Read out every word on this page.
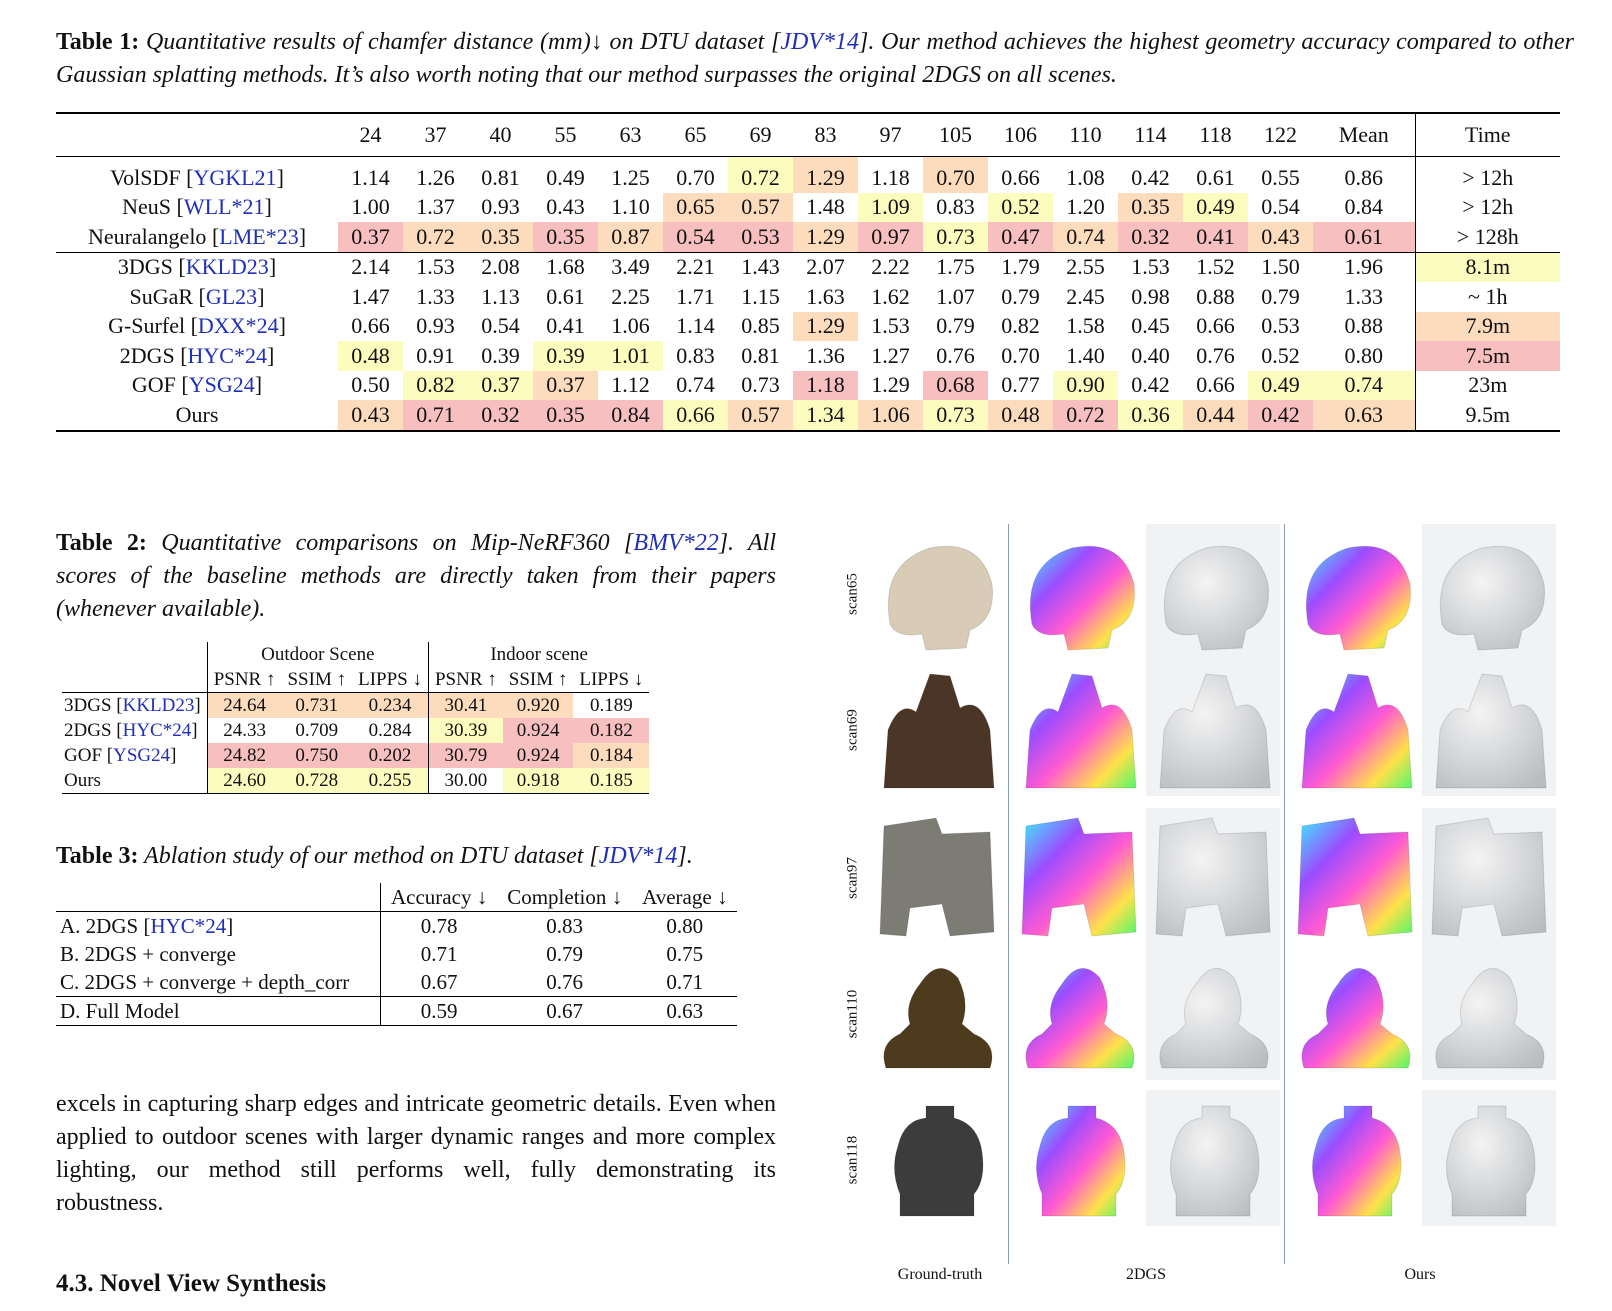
Table 1: Quantitative results of chamfer distance (mm)↓ on DTU dataset [JDV*14]. Our method achieves the highest geometry accuracy compared to other Gaussian splatting methods. It’s also worth noting that our method surpasses the original 2DGS on all scenes.
	24	37	40	55	63	65	69	83	97	105	106	110	114	118	122	Mean	Time
VolSDF [YGKL21]	1.14	1.26	0.81	0.49	1.25	0.70	0.72	1.29	1.18	0.70	0.66	1.08	0.42	0.61	0.55	0.86	> 12h
NeuS [WLL*21]	1.00	1.37	0.93	0.43	1.10	0.65	0.57	1.48	1.09	0.83	0.52	1.20	0.35	0.49	0.54	0.84	> 12h
Neuralangelo [LME*23]	0.37	0.72	0.35	0.35	0.87	0.54	0.53	1.29	0.97	0.73	0.47	0.74	0.32	0.41	0.43	0.61	> 128h
3DGS [KKLD23]	2.14	1.53	2.08	1.68	3.49	2.21	1.43	2.07	2.22	1.75	1.79	2.55	1.53	1.52	1.50	1.96	8.1m
SuGaR [GL23]	1.47	1.33	1.13	0.61	2.25	1.71	1.15	1.63	1.62	1.07	0.79	2.45	0.98	0.88	0.79	1.33	~ 1h
G-Surfel [DXX*24]	0.66	0.93	0.54	0.41	1.06	1.14	0.85	1.29	1.53	0.79	0.82	1.58	0.45	0.66	0.53	0.88	7.9m
2DGS [HYC*24]	0.48	0.91	0.39	0.39	1.01	0.83	0.81	1.36	1.27	0.76	0.70	1.40	0.40	0.76	0.52	0.80	7.5m
GOF [YSG24]	0.50	0.82	0.37	0.37	1.12	0.74	0.73	1.18	1.29	0.68	0.77	0.90	0.42	0.66	0.49	0.74	23m
Ours	0.43	0.71	0.32	0.35	0.84	0.66	0.57	1.34	1.06	0.73	0.48	0.72	0.36	0.44	0.42	0.63	9.5m
Table 2: Quantitative comparisons on Mip-NeRF360 [BMV*22]. All scores of the baseline methods are directly taken from their papers (whenever available).
	Outdoor Scene			Indoor scene		
	PSNR ↑	SSIM ↑	LIPPS ↓	PSNR ↑	SSIM ↑	LIPPS ↓
3DGS [KKLD23]	24.64	0.731	0.234	30.41	0.920	0.189
2DGS [HYC*24]	24.33	0.709	0.284	30.39	0.924	0.182
GOF [YSG24]	24.82	0.750	0.202	30.79	0.924	0.184
Ours	24.60	0.728	0.255	30.00	0.918	0.185
Table 3: Ablation study of our method on DTU dataset [JDV*14].
	Accuracy ↓	Completion ↓	Average ↓
A. 2DGS [HYC*24]	0.78	0.83	0.80
B. 2DGS + converge	0.71	0.79	0.75
C. 2DGS + converge + depth_corr	0.67	0.76	0.71
D. Full Model	0.59	0.67	0.63
excels in capturing sharp edges and intricate geometric details. Even when applied to outdoor scenes with larger dynamic ranges and more complex lighting, our method still performs well, fully demonstrating its robustness.
4.3. Novel View Synthesis
scan65
scan69
scan97
scan110
scan118
Ground-truth	2DGS	Ours
